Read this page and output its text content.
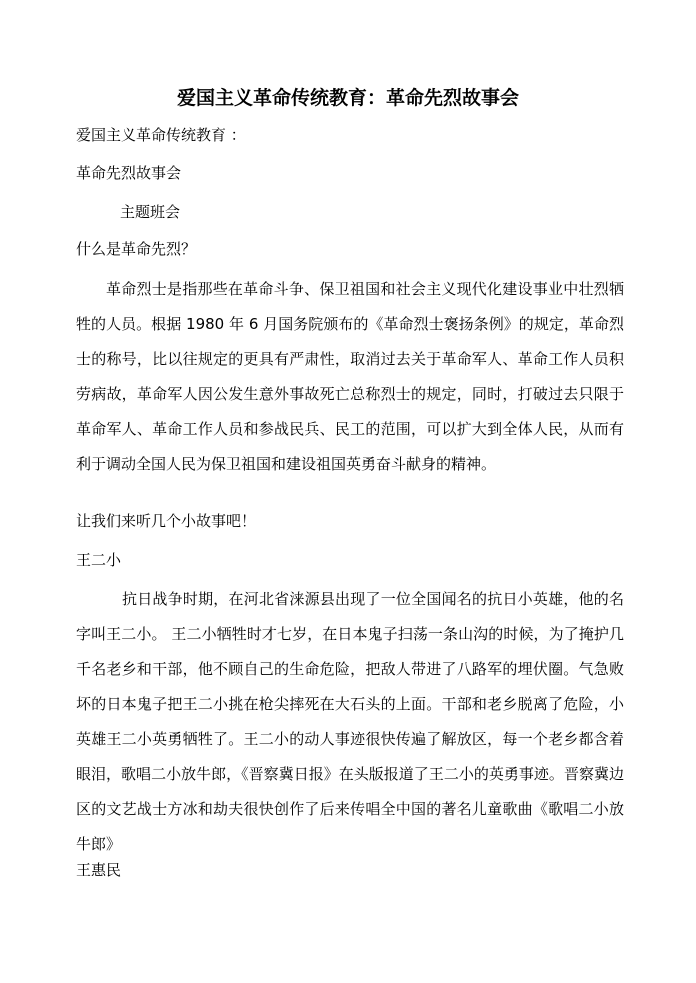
爱国主义革命传统教育：革命先烈故事会
爱国主义革命传统教育 ：
革命先烈故事会
主题班会
什么是革命先烈？
革命烈士是指那些在革命斗争、保卫祖国和社会主义现代化建设事业中壮烈牺牲的人员。根据 1980 年 6 月国务院颁布的《革命烈士褒扬条例》的规定，革命烈士的称号，比以往规定的更具有严肃性，取消过去关于革命军人、革命工作人员积劳病故，革命军人因公发生意外事故死亡总称烈士的规定，同时，打破过去只限于革命军人、革命工作人员和参战民兵、民工的范围，可以扩大到全体人民，从而有利于调动全国人民为保卫祖国和建设祖国英勇奋斗献身的精神。
让我们来听几个小故事吧！
王二小
抗日战争时期，在河北省涞源县出现了一位全国闻名的抗日小英雄，他的名字叫王二小。 王二小牺牲时才七岁，在日本鬼子扫荡一条山沟的时候，为了掩护几千名老乡和干部，他不顾自己的生命危险，把敌人带进了八路军的埋伏圈。气急败坏的日本鬼子把王二小挑在枪尖摔死在大石头的上面。干部和老乡脱离了危险，小英雄王二小英勇牺牲了。王二小的动人事迹很快传遍了解放区，每一个老乡都含着眼泪，歌唱二小放牛郎，《晋察冀日报》在头版报道了王二小的英勇事迹。晋察冀边区的文艺战士方冰和劫夫很快创作了后来传唱全中国的著名儿童歌曲《歌唱二小放牛郎》
王惠民
